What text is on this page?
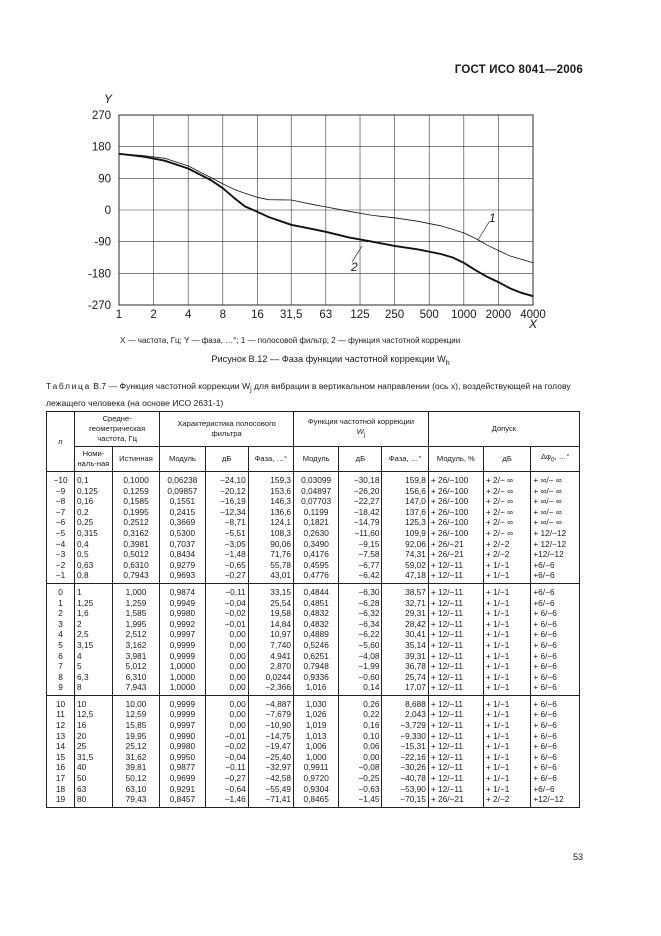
ГОСТ ИСО 8041—2006
270
180
90
0
-90
-180
-270
1 2 4 8 16 31,5 63 125 250 500 1000 2000 4000
Y
X
1
2
X — частота, Гц; Y — фаза, …°; 1 — полосовой фильтр; 2 — функция частотной коррекции
Рисунок В.12 — Фаза функции частотной коррекции $W_h$
Таблица В.7 — Функция частотной коррекции $W_j$ для вибрации в вертикальном направлении (ось x), воздействующей на голову лежащего человека (на основе ИСО 2631-1)
n	Средне-геометрическая частота, Гц		Характеристика полосового фильтра			Функция частотной коррекции
$W_j$			Допуск		

	Номи-наль-ная	Истинная	Модуль	дБ	Фаза, …°	Модуль	дБ	Фаза, …°	Модуль, %	дБ	$\Delta\varphi_0$, …°
−10	0,1	0,1000	0,06238	−24,10	159,3	0,03099	−30,18	159,8	+ 26/−100	+ 2/− ∞	+ ∞/− ∞
−9	0,125	0,1259	0,09857	−20,12	153,6	0,04897	−26,20	156,6	+ 26/−100	+ 2/− ∞	+ ∞/− ∞
−8	0,16	0,1585	0,1551	−16,19	146,3	0,07703	−22,27	147,0	+ 26/−100	+ 2/− ∞	+ ∞/− ∞
−7	0,2	0,1995	0,2415	−12,34	136,6	0,1199	−18,42	137,6	+ 26/−100	+ 2/− ∞	+ ∞/− ∞
−6	0,25	0,2512	0,3669	−8,71	124,1	0,1821	−14,79	125,3	+ 26/−100	+ 2/− ∞	+ ∞/− ∞
−5	0,315	0,3162	0,5300	−5,51	108,3	0,2630	−11,60	109,9	+ 26/−100	+ 2/− ∞	+ 12/−12
−4	0,4	0,3981	0,7037	−3,05	90,06	0,3490	−9,15	92,06	+ 26/−21	+ 2/−2	+ 12/−12
−3	0,5	0,5012	0,8434	−1,48	71,76	0,4176	−7,58	74,31	+ 26/−21	+ 2/−2	+12/−12
−2	0,63	0,6310	0,9279	−0,65	55,78	0,4595	−6,77	59,02	+ 12/−11	+ 1/−1	+6/−6
−1	0,8	0,7943	0,9693	−0,27	43,01	0,4776	−6,42	47,18	+ 12/−11	+ 1/−1	+6/−6
0	1	1,000	0,9874	−0,11	33,15	0,4844	−6,30	38,57	+ 12/−11	+ 1/−1	+6/−6
1	1,25	1,259	0,9949	−0,04	25,54	0,4851	−6,28	32,71	+ 12/−11	+ 1/−1	+6/−6
2	1,6	1,585	0,9980	−0,02	19,58	0,4832	−6,32	29,31	+ 12/−11	+ 1/−1	+ 6/−6
3	2	1,995	0,9992	−0,01	14,84	0,4832	−6,34	28,42	+ 12/−11	+ 1/−1	+ 6/−6
4	2,5	2,512	0,9997	0,00	10,97	0,4889	−6,22	30,41	+ 12/−11	+ 1/−1	+ 6/−6
5	3,15	3,162	0,9999	0,00	7,740	0,5246	−5,60	35,14	+ 12/−11	+ 1/−1	+ 6/−6
6	4	3,981	0,9999	0,00	4,941	0,6251	−4,08	39,31	+ 12/−11	+ 1/−1	+ 6/−6
7	5	5,012	1,0000	0,00	2,870	0,7948	−1,99	36,78	+ 12/−11	+ 1/−1	+ 6/−6
8	6,3	6,310	1,0000	0,00	0,0244	0,9336	−0,60	25,74	+ 12/−11	+ 1/−1	+ 6/−6
9	8	7,943	1,0000	0,00	−2,366	1,016	0,14	17,07	+ 12/−11	+ 1/−1	+ 6/−6
10	10	10,00	0,9999	0,00	−4,887	1,030	0,26	8,688	+ 12/−11	+ 1/−1	+ 6/−6
11	12,5	12,59	0,9999	0,00	−7,679	1,026	0,22	2,043	+ 12/−11	+ 1/−1	+ 6/−6
12	16	15,85	0,9997	0,00	−10,90	1,019	0,16	−3,729	+ 12/−11	+ 1/−1	+ 6/−6
13	20	19,95	0,9990	−0,01	−14,75	1,013	0,10	−9,330	+ 12/−11	+ 1/−1	+ 6/−6
14	25	25,12	0,9980	−0,02	−19,47	1,006	0,06	−15,31	+ 12/−11	+ 1/−1	+ 6/−6
15	31,5	31,62	0,9950	−0,04	−25,40	1,000	0,00	−22,16	+ 12/−11	+ 1/−1	+ 6/−6
16	40	39,81	0,9877	−0,11	−32,97	0,9911	−0,08	−30,26	+ 12/−11	+ 1/−1	+ 6/−6
17	50	50,12	0,9699	−0,27	−42,58	0,9720	−0,25	−40,78	+ 12/−11	+ 1/−1	+ 6/−6
18	63	63,10	0,9291	−0,64	−55,49	0,9304	−0,63	−53,90	+ 12/−11	+ 1/−1	+6/−6
19	80	79,43	0,8457	−1,46	−71,41	0,8465	−1,45	−70,15	+ 26/−21	+ 2/−2	+12/−12
53
